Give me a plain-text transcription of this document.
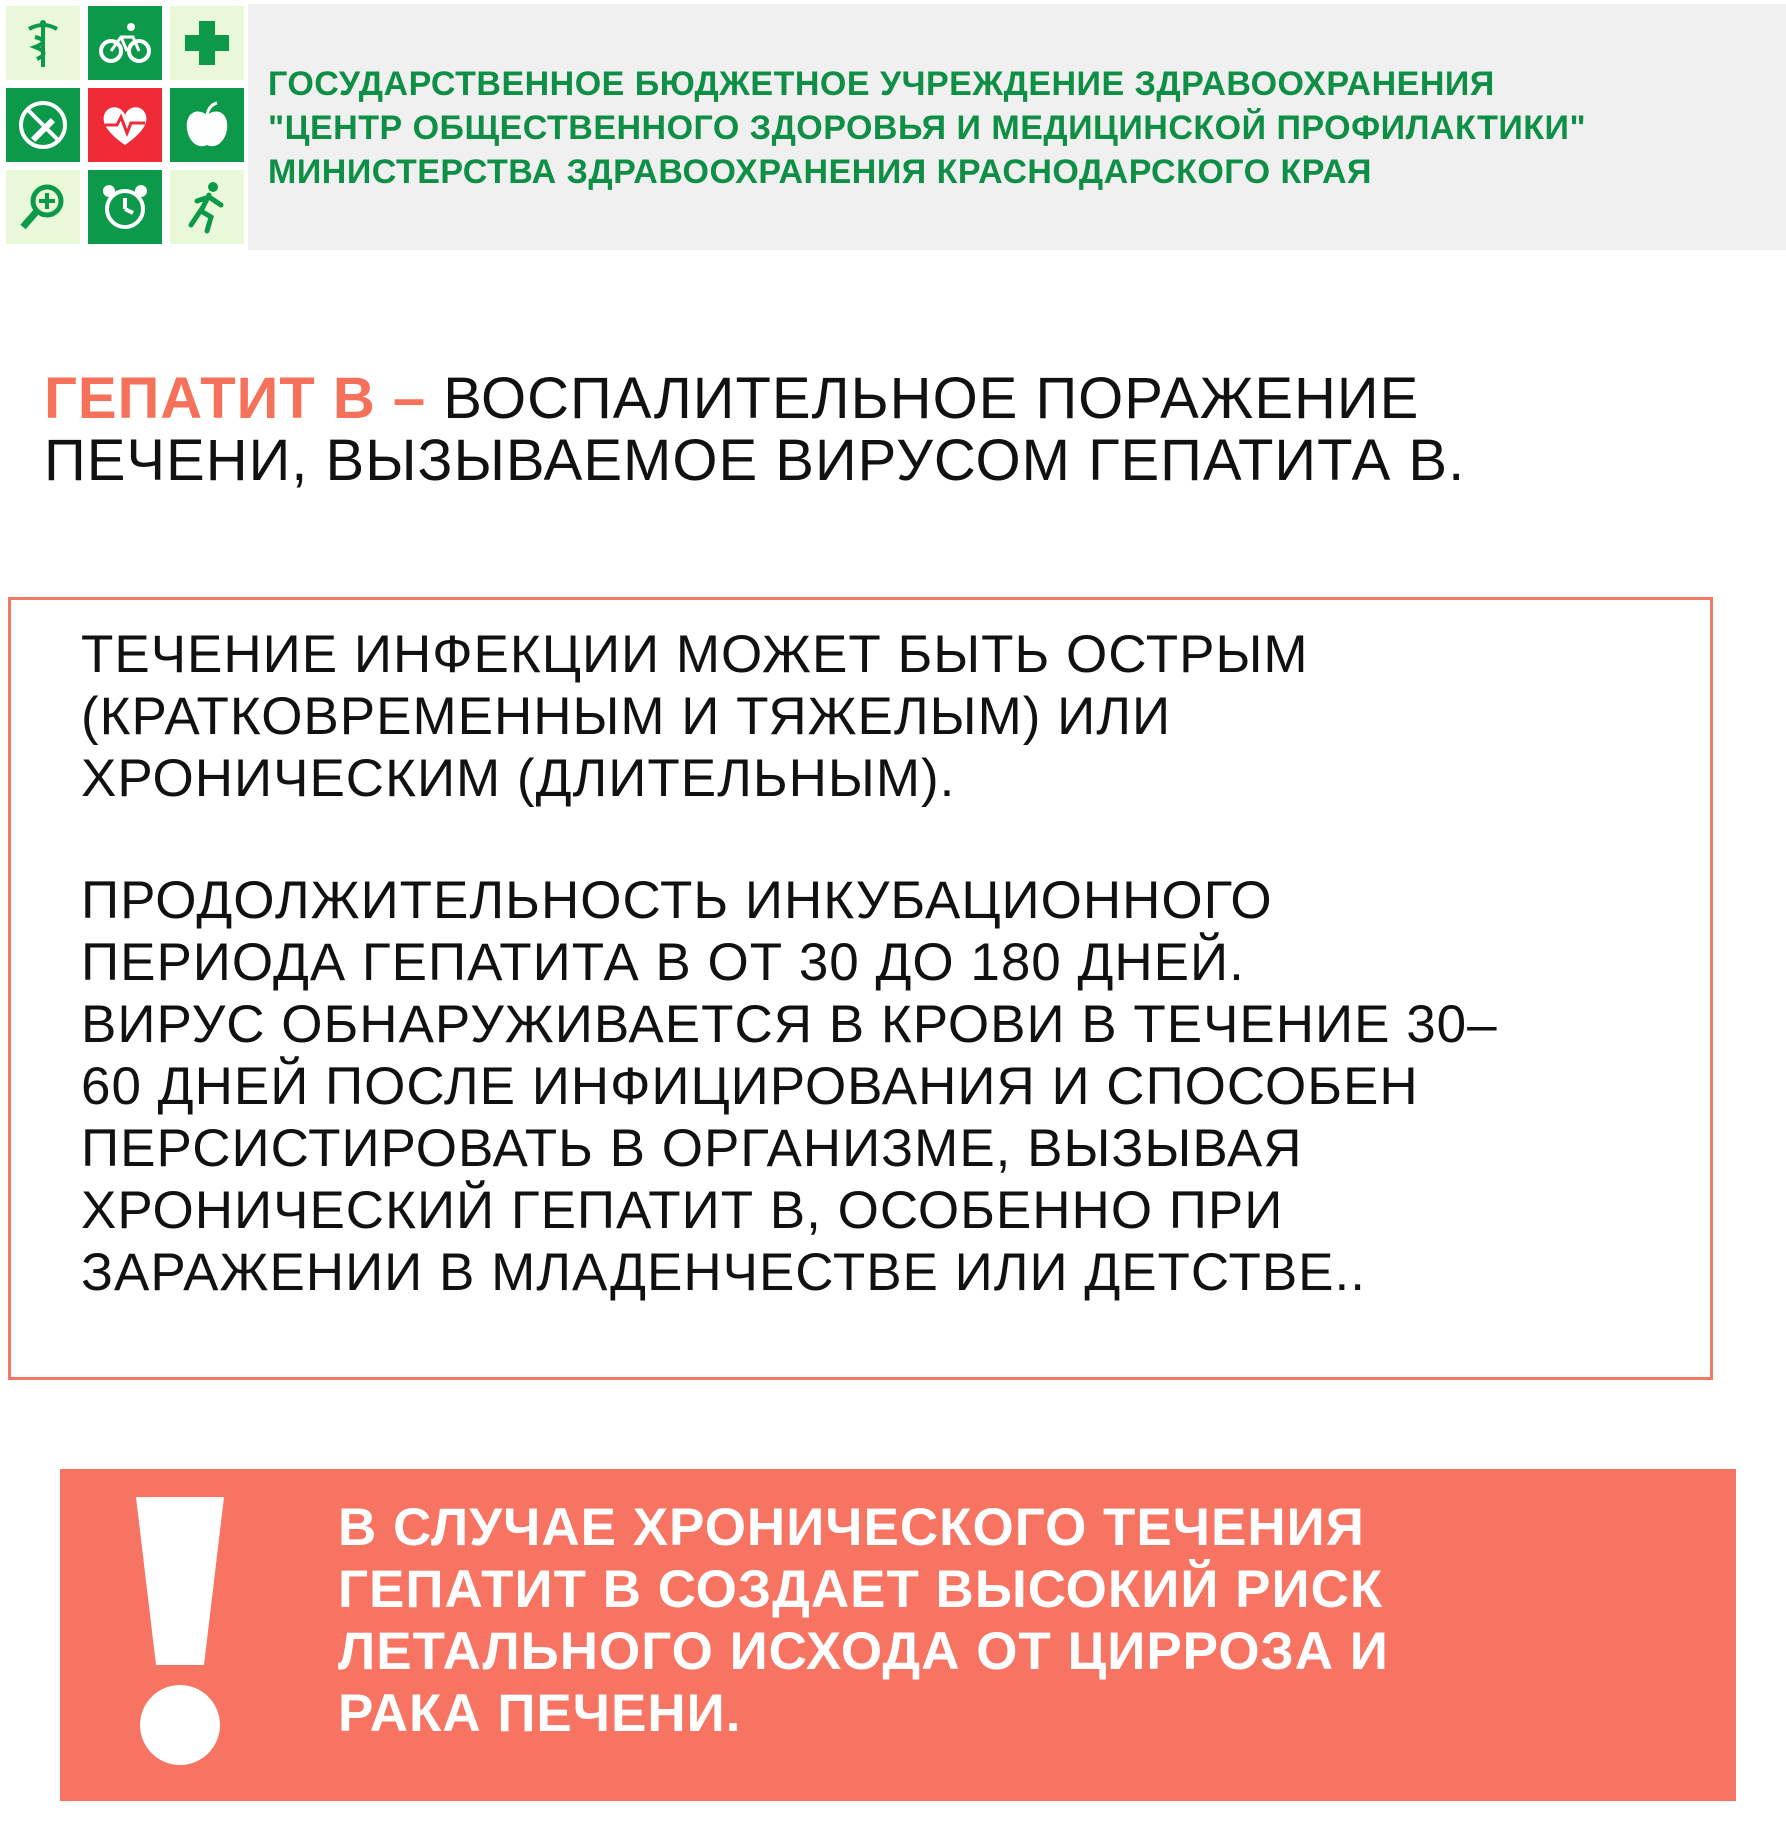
ГОСУДАРСТВЕННОЕ БЮДЖЕТНОЕ УЧРЕЖДЕНИЕ ЗДРАВООХРАНЕНИЯ
"ЦЕНТР ОБЩЕСТВЕННОГО ЗДОРОВЬЯ И МЕДИЦИНСКОЙ ПРОФИЛАКТИКИ"
МИНИСТЕРСТВА ЗДРАВООХРАНЕНИЯ КРАСНОДАРСКОГО КРАЯ
ГЕПАТИТ В – ВОСПАЛИТЕЛЬНОЕ ПОРАЖЕНИЕ
ПЕЧЕНИ, ВЫЗЫВАЕМОЕ ВИРУСОМ ГЕПАТИТА В.
ТЕЧЕНИЕ ИНФЕКЦИИ МОЖЕТ БЫТЬ ОСТРЫМ
(КРАТКОВРЕМЕННЫМ И ТЯЖЕЛЫМ) ИЛИ
ХРОНИЧЕСКИМ (ДЛИТЕЛЬНЫМ).
ПРОДОЛЖИТЕЛЬНОСТЬ ИНКУБАЦИОННОГО
ПЕРИОДА ГЕПАТИТА В ОТ 30 ДО 180 ДНЕЙ.
ВИРУС ОБНАРУЖИВАЕТСЯ В КРОВИ В ТЕЧЕНИЕ 30–
60 ДНЕЙ ПОСЛЕ ИНФИЦИРОВАНИЯ И СПОСОБЕН
ПЕРСИСТИРОВАТЬ В ОРГАНИЗМЕ, ВЫЗЫВАЯ
ХРОНИЧЕСКИЙ ГЕПАТИТ В, ОСОБЕННО ПРИ
ЗАРАЖЕНИИ В МЛАДЕНЧЕСТВЕ ИЛИ ДЕТСТВЕ..
В СЛУЧАЕ ХРОНИЧЕСКОГО ТЕЧЕНИЯ
ГЕПАТИТ В СОЗДАЕТ ВЫСОКИЙ РИСК
ЛЕТАЛЬНОГО ИСХОДА ОТ ЦИРРОЗА И
РАКА ПЕЧЕНИ.
